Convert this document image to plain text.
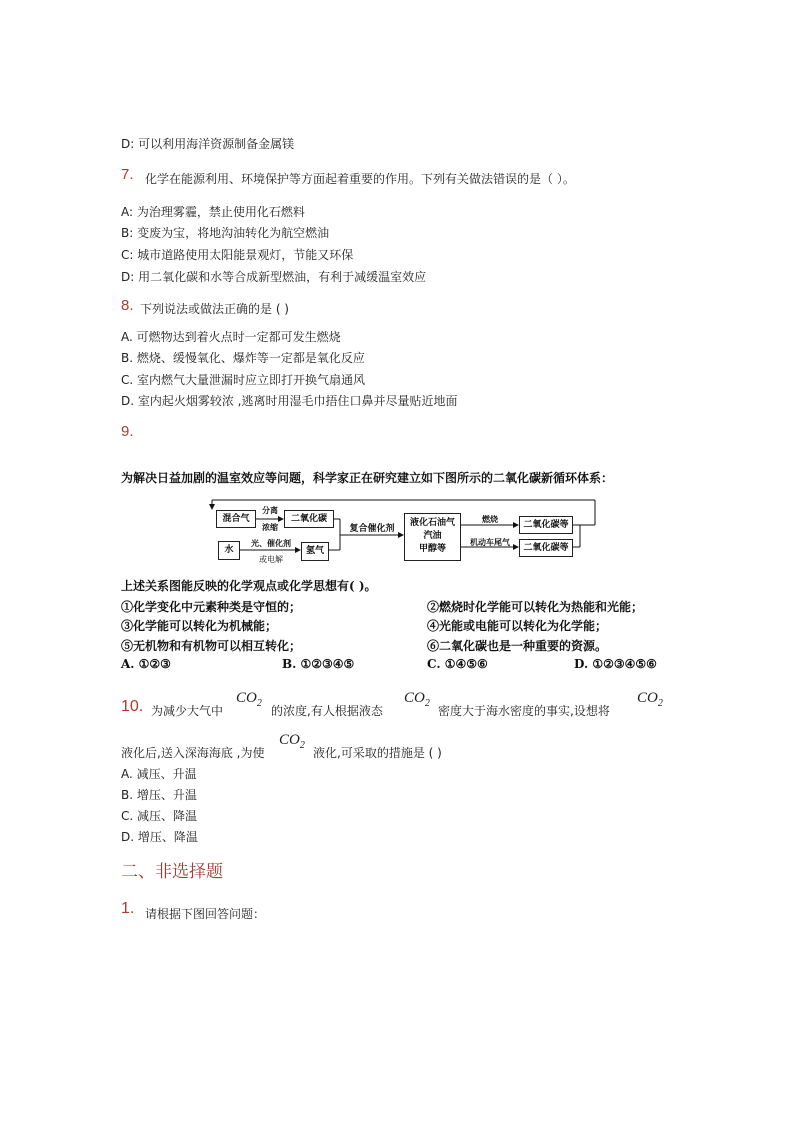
D: 可以利用海洋资源制备金属镁
7. 化学在能源利用、环境保护等方面起着重要的作用。下列有关做法错误的是（ ）。
A: 为治理雾霾，禁止使用化石燃料
B: 变废为宝，将地沟油转化为航空燃油
C: 城市道路使用太阳能景观灯，节能又环保
D: 用二氧化碳和水等合成新型燃油，有利于减缓温室效应
8. 下列说法或做法正确的是 ( )
A. 可燃物达到着火点时一定都可发生燃烧
B. 燃烧、缓慢氧化、爆炸等一定都是氧化反应
C. 室内燃气大量泄漏时应立即打开换气扇通风
D. 室内起火烟雾较浓 ,逃离时用湿毛巾捂住口鼻并尽量贴近地面
9.
为解决日益加剧的温室效应等问题，科学家正在研究建立如下图所示的二氧化碳新循环体系：
混合气
分离
浓缩
二氧化碳
水
光、催化剂
或电解
氢气
复合催化剂
液化石油气
汽油
甲醇等
燃烧
机动车尾气
二氧化碳等
二氧化碳等
上述关系图能反映的化学观点或化学思想有( )。
①化学变化中元素种类是守恒的；	②燃烧时化学能可以转化为热能和光能；
③化学能可以转化为机械能；	④光能或电能可以转化为化学能；
⑤无机物和有机物可以相互转化；	⑥二氧化碳也是一种重要的资源。
A. ①②③	B. ①②③④⑤	C. ①④⑤⑥	D. ①②③④⑤⑥
10. 为减少大气中
$CO_2$
的浓度,有人根据液态
$CO_2$
密度大于海水密度的事实,设想将
$CO_2$
液化后,送入深海海底 ,为使
$CO_2$
液化,可采取的措施是 ( )
A. 减压、升温
B. 增压、升温
C. 减压、降温
D. 增压、降温
二、非选择题
1. 请根据下图回答问题：
